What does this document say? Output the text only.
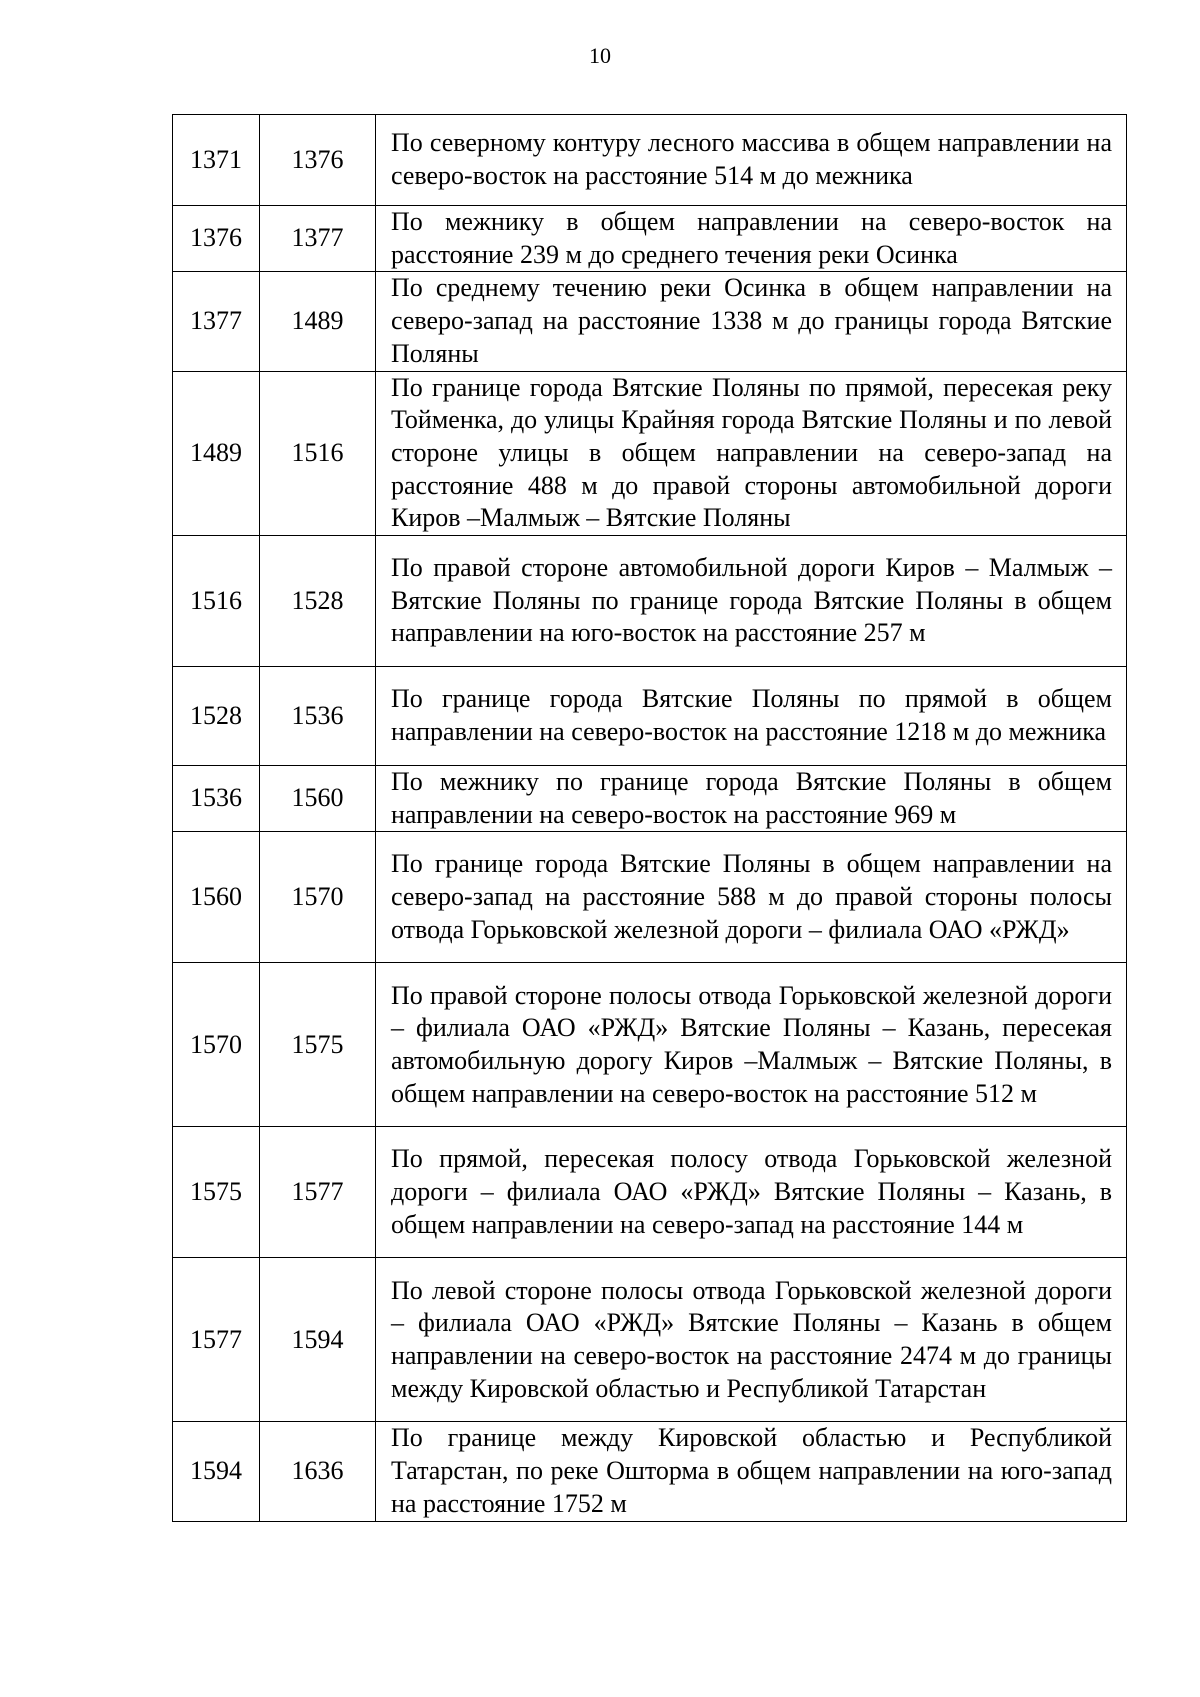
10
1371	1376	По северному контуру лесного массива в общем направлении на северо-восток на расстояние 514 м до межника
1376	1377	По межнику в общем направлении на северо-восток на расстояние 239 м до среднего течения реки Осинка
1377	1489	По среднему течению реки Осинка в общем направлении на северо-запад на расстояние 1338 м до границы города Вятские Поляны
1489	1516	По границе города Вятские Поляны по прямой, пересекая реку Тойменка, до улицы Крайняя города Вятские Поляны и по левой стороне улицы в общем направлении на северо-запад на расстояние 488 м до правой стороны автомобильной дороги Киров –Малмыж – Вятские Поляны
1516	1528	По правой стороне автомобильной дороги Киров – Малмыж – Вятские Поляны по границе города Вятские Поляны в общем направлении на юго-восток на расстояние 257 м
1528	1536	По границе города Вятские Поляны по прямой в общем направлении на северо-восток на расстояние 1218 м до межника
1536	1560	По межнику по границе города Вятские Поляны в общем направлении на северо-восток на расстояние 969 м
1560	1570	По границе города Вятские Поляны в общем направлении на северо-запад на расстояние 588 м до правой стороны полосы отвода Горьковской железной дороги – филиала ОАО «РЖД»
1570	1575	По правой стороне полосы отвода Горьковской железной дороги – филиала ОАО «РЖД» Вятские Поляны – Казань, пересекая автомобильную дорогу Киров –Малмыж – Вятские Поляны, в общем направлении на северо-восток на расстояние 512 м
1575	1577	По прямой, пересекая полосу отвода Горьковской железной дороги – филиала ОАО «РЖД» Вятские Поляны – Казань, в общем направлении на северо-запад на расстояние 144 м
1577	1594	По левой стороне полосы отвода Горьковской железной дороги – филиала ОАО «РЖД» Вятские Поляны – Казань в общем направлении на северо-восток на расстояние 2474 м до границы между Кировской областью и Республикой Татарстан
1594	1636	По границе между Кировской областью и Республикой Татарстан, по реке Ошторма в общем направлении на юго-запад на расстояние 1752 м
